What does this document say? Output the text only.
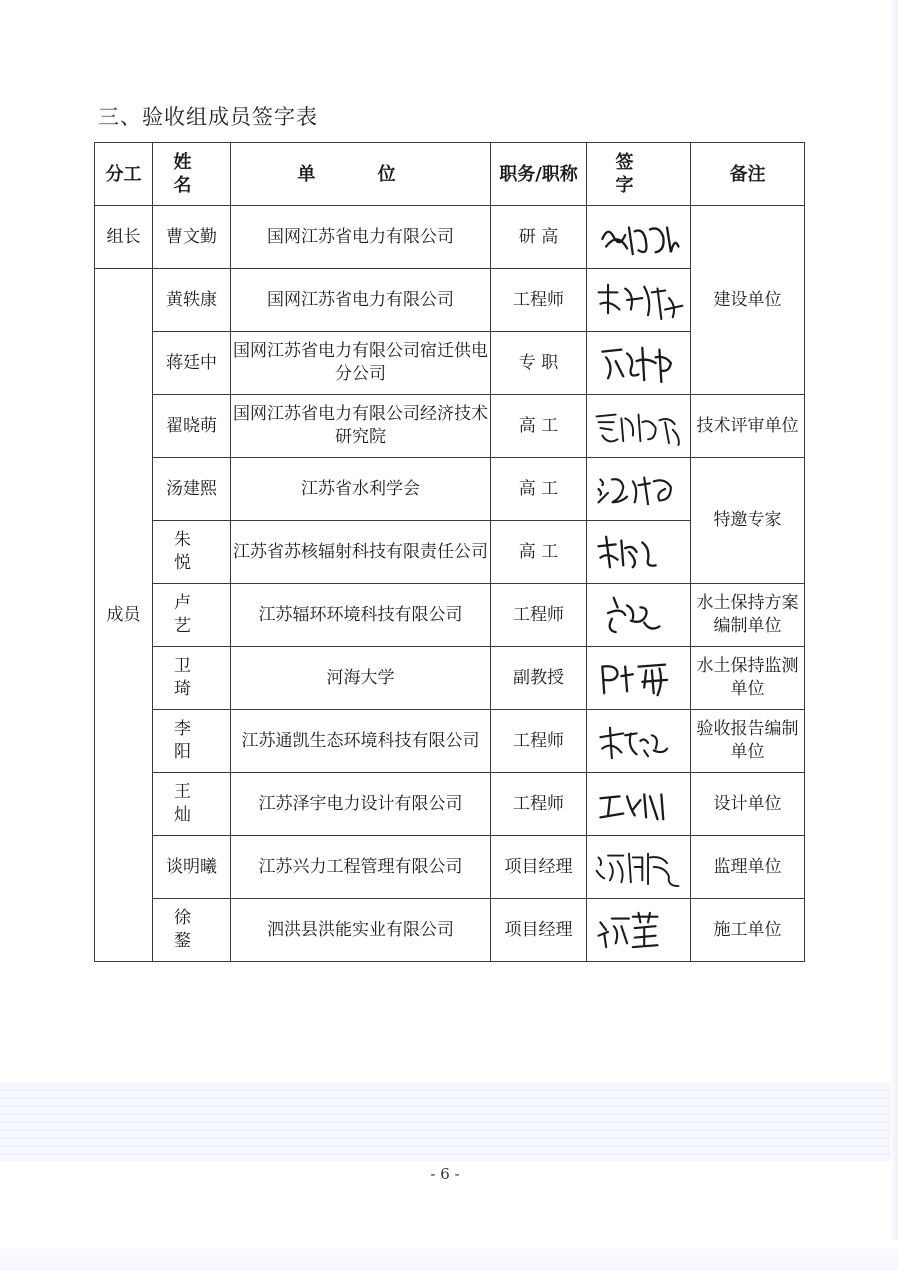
三、验收组成员签字表
分工	姓 名	单 位	职务/职称	签 字	备注
组长	曹文勤	国网江苏省电力有限公司	研 高	曹文勤	建设单位
成员	黄轶康	国网江苏省电力有限公司	工程师	黄轶康	

	蒋廷中	国网江苏省电力有限公司宿迁供电分公司	专 职	蒋廷中	

	翟晓萌	国网江苏省电力有限公司经济技术研究院	高 工	翟晓萌	技术评审单位
	汤建熙	江苏省水利学会	高 工	汤建熙	特邀专家
	朱 悦	江苏省苏核辐射科技有限责任公司	高 工	朱悦	

	卢 艺	江苏辐环环境科技有限公司	工程师	卢艺	水土保持方案编制单位
	卫 琦	河海大学	副教授	卫琦	水土保持监测单位
	李 阳	江苏通凯生态环境科技有限公司	工程师	李阳	验收报告编制单位
	王 灿	江苏泽宇电力设计有限公司	工程师	王灿	设计单位
	谈明曦	江苏兴力工程管理有限公司	项目经理	谈明曦	监理单位
	徐 鍪	泗洪县洪能实业有限公司	项目经理	徐鍪	施工单位
- 6 -
